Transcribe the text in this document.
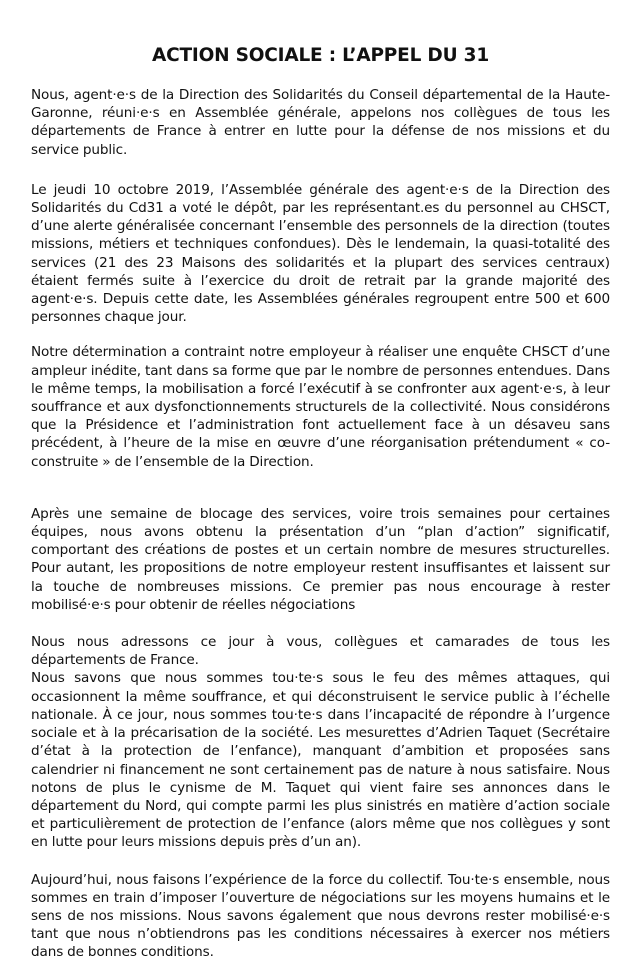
ACTION SOCIALE : L’APPEL DU 31

Nous, agent·e·s de la Direction des Solidarités du Conseil départemental de la Haute-Garonne, réuni·e·s en Assemblée générale, appelons nos collègues de tous les départements de France à entrer en lutte pour la défense de nos missions et du service public.

Le jeudi 10 octobre 2019, l’Assemblée générale des agent·e·s de la Direction des Solidarités du Cd31 a voté le dépôt, par les représentant.es du personnel au CHSCT, d’une alerte généralisée concernant l’ensemble des personnels de la direction (toutes missions, métiers et techniques confondues). Dès le lendemain, la quasi-totalité des services (21 des 23 Maisons des solidarités et la plupart des services centraux) étaient fermés suite à l’exercice du droit de retrait par la grande majorité des agent·e·s. Depuis cette date, les Assemblées générales regroupent entre 500 et 600 personnes chaque jour.

Notre détermination a contraint notre employeur à réaliser une enquête CHSCT d’une ampleur inédite, tant dans sa forme que par le nombre de personnes entendues. Dans le même temps, la mobilisation a forcé l’exécutif à se confronter aux agent·e·s, à leur souffrance et aux dysfonctionnements structurels de la collectivité. Nous considérons que la Présidence et l’administration font actuellement face à un désaveu sans précédent, à l’heure de la mise en œuvre d’une réorganisation prétendument « co-construite » de l’ensemble de la Direction.

Après une semaine de blocage des services, voire trois semaines pour certaines équipes, nous avons obtenu la présentation d’un “plan d’action” significatif, comportant des créations de postes et un certain nombre de mesures structurelles. Pour autant, les propositions de notre employeur restent insuffisantes et laissent sur la touche de nombreuses missions. Ce premier pas nous encourage à rester mobilisé·e·s pour obtenir de réelles négociations

Nous nous adressons ce jour à vous, collègues et camarades de tous les départements de France.

Nous savons que nous sommes tou·te·s sous le feu des mêmes attaques, qui occasionnent la même souffrance, et qui déconstruisent le service public à l’échelle nationale. À ce jour, nous sommes tou·te·s dans l’incapacité de répondre à l’urgence sociale et à la précarisation de la société. Les mesurettes d’Adrien Taquet (Secrétaire d’état à la protection de l’enfance), manquant d’ambition et proposées sans calendrier ni financement ne sont certainement pas de nature à nous satisfaire. Nous notons de plus le cynisme de M. Taquet qui vient faire ses annonces dans le département du Nord, qui compte parmi les plus sinistrés en matière d’action sociale et particulièrement de protection de l’enfance (alors même que nos collègues y sont en lutte pour leurs missions depuis près d’un an).

Aujourd’hui, nous faisons l’expérience de la force du collectif. Tou·te·s ensemble, nous sommes en train d’imposer l’ouverture de négociations sur les moyens humains et le sens de nos missions. Nous savons également que nous devrons rester mobilisé·e·s tant que nous n’obtiendrons pas les conditions nécessaires à exercer nos métiers dans de bonnes conditions.
